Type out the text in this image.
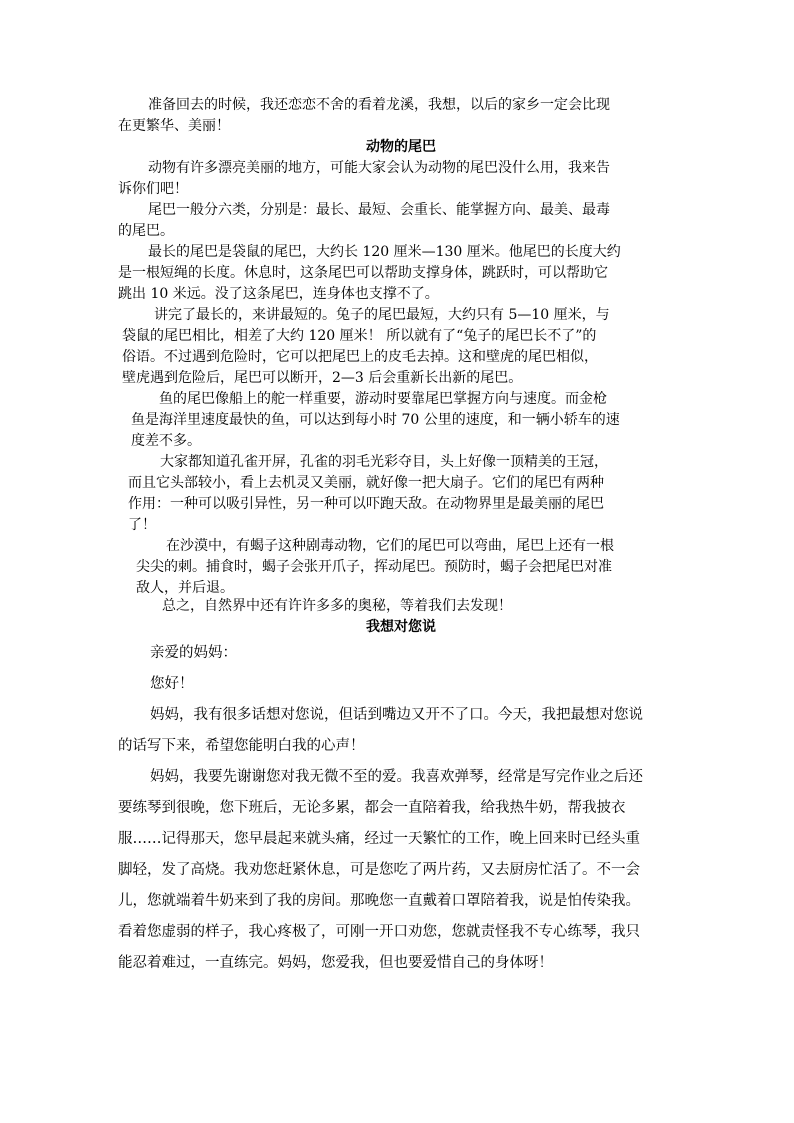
准备回去的时候，我还恋恋不舍的看着龙溪，我想，以后的家乡一定会比现
在更繁华、美丽！
动物的尾巴
动物有许多漂亮美丽的地方，可能大家会认为动物的尾巴没什么用，我来告
诉你们吧！
尾巴一般分六类，分别是：最长、最短、会重长、能掌握方向、最美、最毒
的尾巴。
最长的尾巴是袋鼠的尾巴，大约长 120 厘米—130 厘米。他尾巴的长度大约
是一根短绳的长度。休息时，这条尾巴可以帮助支撑身体，跳跃时，可以帮助它
跳出 10 米远。没了这条尾巴，连身体也支撑不了。
讲完了最长的，来讲最短的。兔子的尾巴最短，大约只有 5—10 厘米，与
袋鼠的尾巴相比，相差了大约 120 厘米！ 所以就有了“兔子的尾巴长不了”的
俗语。不过遇到危险时，它可以把尾巴上的皮毛去掉。这和壁虎的尾巴相似，
壁虎遇到危险后，尾巴可以断开，2—3 后会重新长出新的尾巴。
鱼的尾巴像船上的舵一样重要，游动时要靠尾巴掌握方向与速度。而金枪
鱼是海洋里速度最快的鱼，可以达到每小时 70 公里的速度，和一辆小轿车的速
度差不多。
大家都知道孔雀开屏，孔雀的羽毛光彩夺目，头上好像一顶精美的王冠，
而且它头部较小，看上去机灵又美丽，就好像一把大扇子。它们的尾巴有两种
作用：一种可以吸引异性，另一种可以吓跑天敌。在动物界里是最美丽的尾巴
了！
在沙漠中，有蝎子这种剧毒动物，它们的尾巴可以弯曲，尾巴上还有一根
尖尖的刺。捕食时，蝎子会张开爪子，挥动尾巴。预防时，蝎子会把尾巴对准
敌人，并后退。
总之，自然界中还有许许多多的奥秘，等着我们去发现！
我想对您说
亲爱的妈妈：
您好！
妈妈，我有很多话想对您说，但话到嘴边又开不了口。今天，我把最想对您说
的话写下来，希望您能明白我的心声！
妈妈，我要先谢谢您对我无微不至的爱。我喜欢弹琴，经常是写完作业之后还
要练琴到很晚，您下班后，无论多累，都会一直陪着我，给我热牛奶，帮我披衣
服……记得那天，您早晨起来就头痛，经过一天繁忙的工作，晚上回来时已经头重
脚轻，发了高烧。我劝您赶紧休息，可是您吃了两片药，又去厨房忙活了。不一会
儿，您就端着牛奶来到了我的房间。那晚您一直戴着口罩陪着我，说是怕传染我。
看着您虚弱的样子，我心疼极了，可刚一开口劝您，您就责怪我不专心练琴，我只
能忍着难过，一直练完。妈妈，您爱我，但也要爱惜自己的身体呀！
